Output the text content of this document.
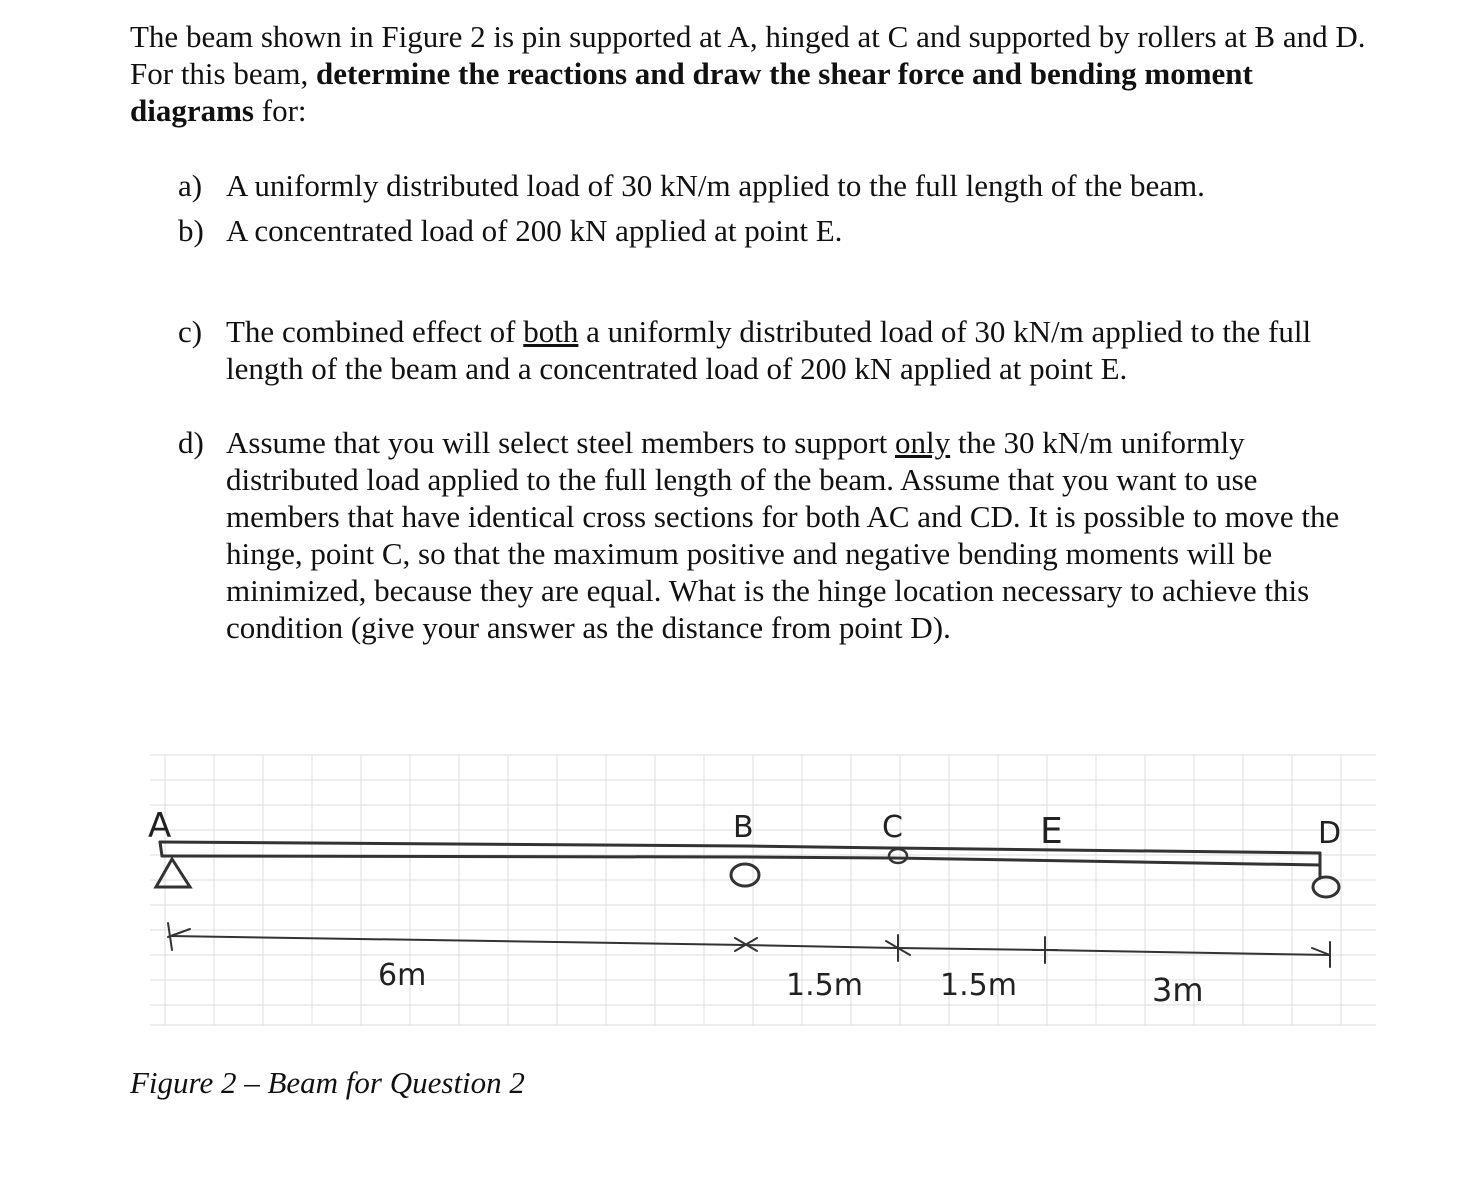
The beam shown in Figure 2 is pin supported at A, hinged at C and supported by rollers at B and D. For this beam, determine the reactions and draw the shear force and bending moment diagrams for:

a) A uniformly distributed load of 30 kN/m applied to the full length of the beam.
b) A concentrated load of 200 kN applied at point E.
c) The combined effect of both a uniformly distributed load of 30 kN/m applied to the full length of the beam and a concentrated load of 200 kN applied at point E.
d) Assume that you will select steel members to support only the 30 kN/m uniformly distributed load applied to the full length of the beam. Assume that you want to use members that have identical cross sections for both AC and CD. It is possible to move the hinge, point C, so that the maximum positive and negative bending moments will be minimized, because they are equal. What is the hinge location necessary to achieve this condition (give your answer as the distance from point D).
A	B	C	E	D
6m	1.5m	1.5m	3m
Figure 2 – Beam for Question 2
